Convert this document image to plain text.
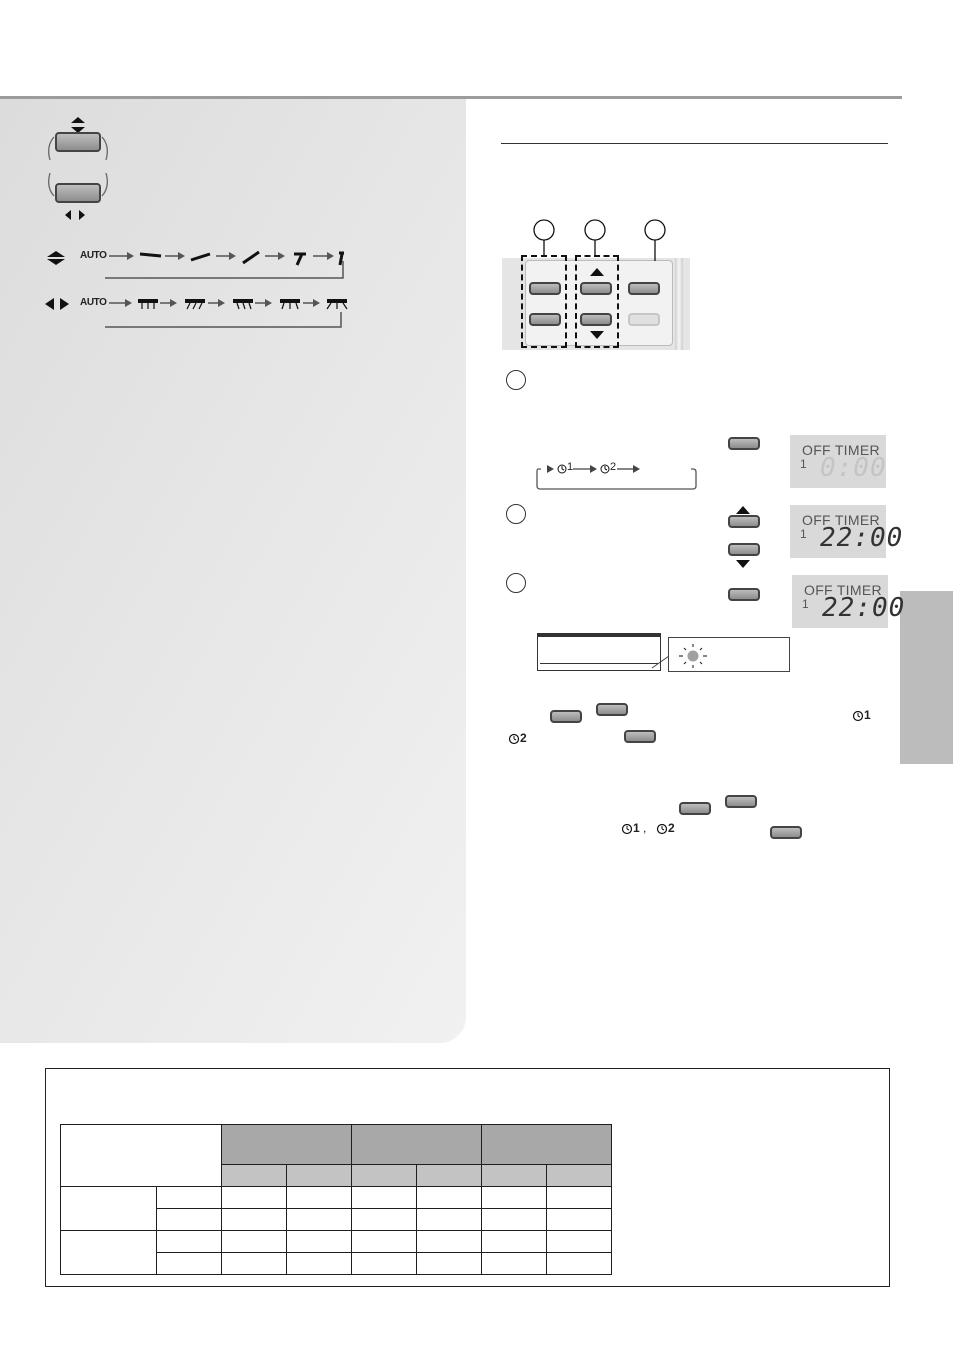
AUTO
AUTO
1	2
OFF TIMER
1 0:00
OFF TIMER
1 22:00
OFF TIMER
1 22:00
1
2
1 , 2
